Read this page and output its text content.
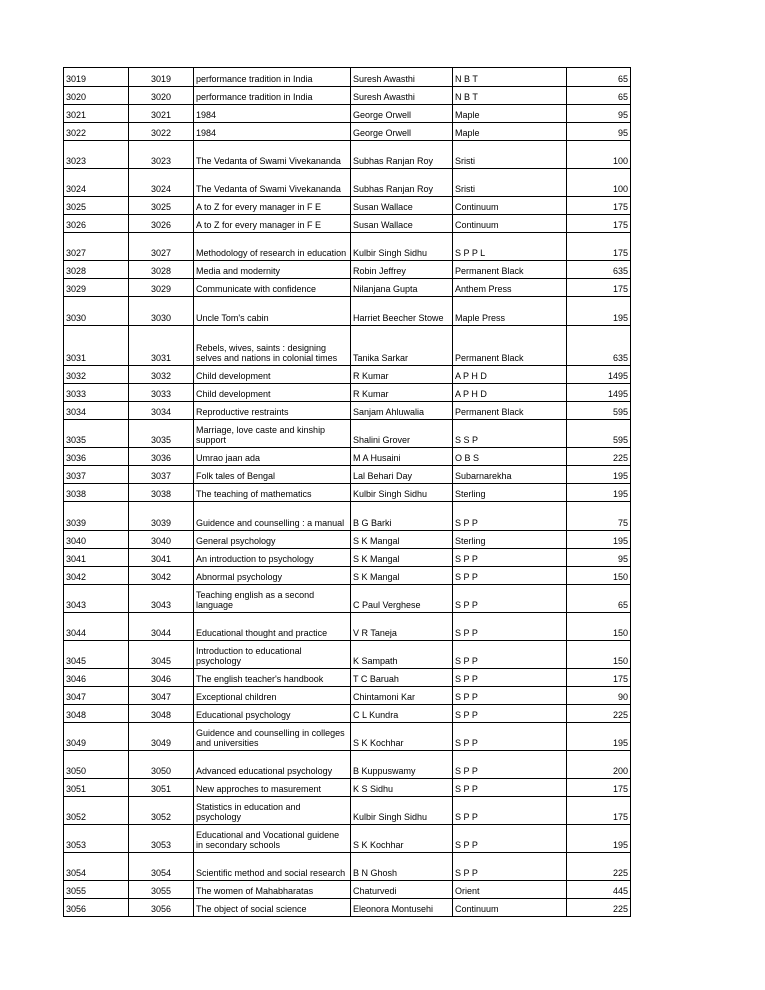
3019	3019	performance tradition in India	Suresh Awasthi	N B T	65
3020	3020	performance tradition in India	Suresh Awasthi	N B T	65
3021	3021	1984	George Orwell	Maple	95
3022	3022	1984	George Orwell	Maple	95
3023	3023	The Vedanta of Swami Vivekananda	Subhas Ranjan Roy	Sristi	100
3024	3024	The Vedanta of Swami Vivekananda	Subhas Ranjan Roy	Sristi	100
3025	3025	A to Z for every manager in F E	Susan Wallace	Continuum	175
3026	3026	A to Z for every manager in F E	Susan Wallace	Continuum	175
3027	3027	Methodology of research in education	Kulbir Singh Sidhu	S P P L	175
3028	3028	Media and modernity	Robin Jeffrey	Permanent Black	635
3029	3029	Communicate with confidence	Nilanjana Gupta	Anthem Press	175
3030	3030	Uncle Tom's cabin	Harriet Beecher Stowe	Maple Press	195
3031	3031	Rebels, wives, saints : designing selves and nations in colonial times	Tanika Sarkar	Permanent Black	635
3032	3032	Child development	R Kumar	A P H D	1495
3033	3033	Child development	R Kumar	A P H D	1495
3034	3034	Reproductive restraints	Sanjam Ahluwalia	Permanent Black	595
3035	3035	Marriage, love caste and kinship support	Shalini Grover	S S P	595
3036	3036	Umrao jaan ada	M A Husaini	O B S	225
3037	3037	Folk tales of Bengal	Lal Behari Day	Subarnarekha	195
3038	3038	The teaching of mathematics	Kulbir Singh Sidhu	Sterling	195
3039	3039	Guidence and counselling : a manual	B G Barki	S P P	75
3040	3040	General psychology	S K Mangal	Sterling	195
3041	3041	An introduction to psychology	S K Mangal	S P P	95
3042	3042	Abnormal psychology	S K Mangal	S P P	150
3043	3043	Teaching english as a second language	C Paul Verghese	S P P	65
3044	3044	Educational thought and practice	V R Taneja	S P P	150
3045	3045	Introduction to educational psychology	K Sampath	S P P	150
3046	3046	The english teacher's handbook	T C Baruah	S P P	175
3047	3047	Exceptional children	Chintamoni Kar	S P P	90
3048	3048	Educational psychology	C L Kundra	S P P	225
3049	3049	Guidence and counselling in colleges and universities	S K Kochhar	S P P	195
3050	3050	Advanced educational psychology	B Kuppuswamy	S P P	200
3051	3051	New approches to masurement	K S Sidhu	S P P	175
3052	3052	Statistics in education and psychology	Kulbir Singh Sidhu	S P P	175
3053	3053	Educational and Vocational guidene in secondary schools	S K Kochhar	S P P	195
3054	3054	Scientific method and social research	B N Ghosh	S P P	225
3055	3055	The women of Mahabharatas	Chaturvedi	Orient	445
3056	3056	The object of social science	Eleonora Montusehi	Continuum	225
